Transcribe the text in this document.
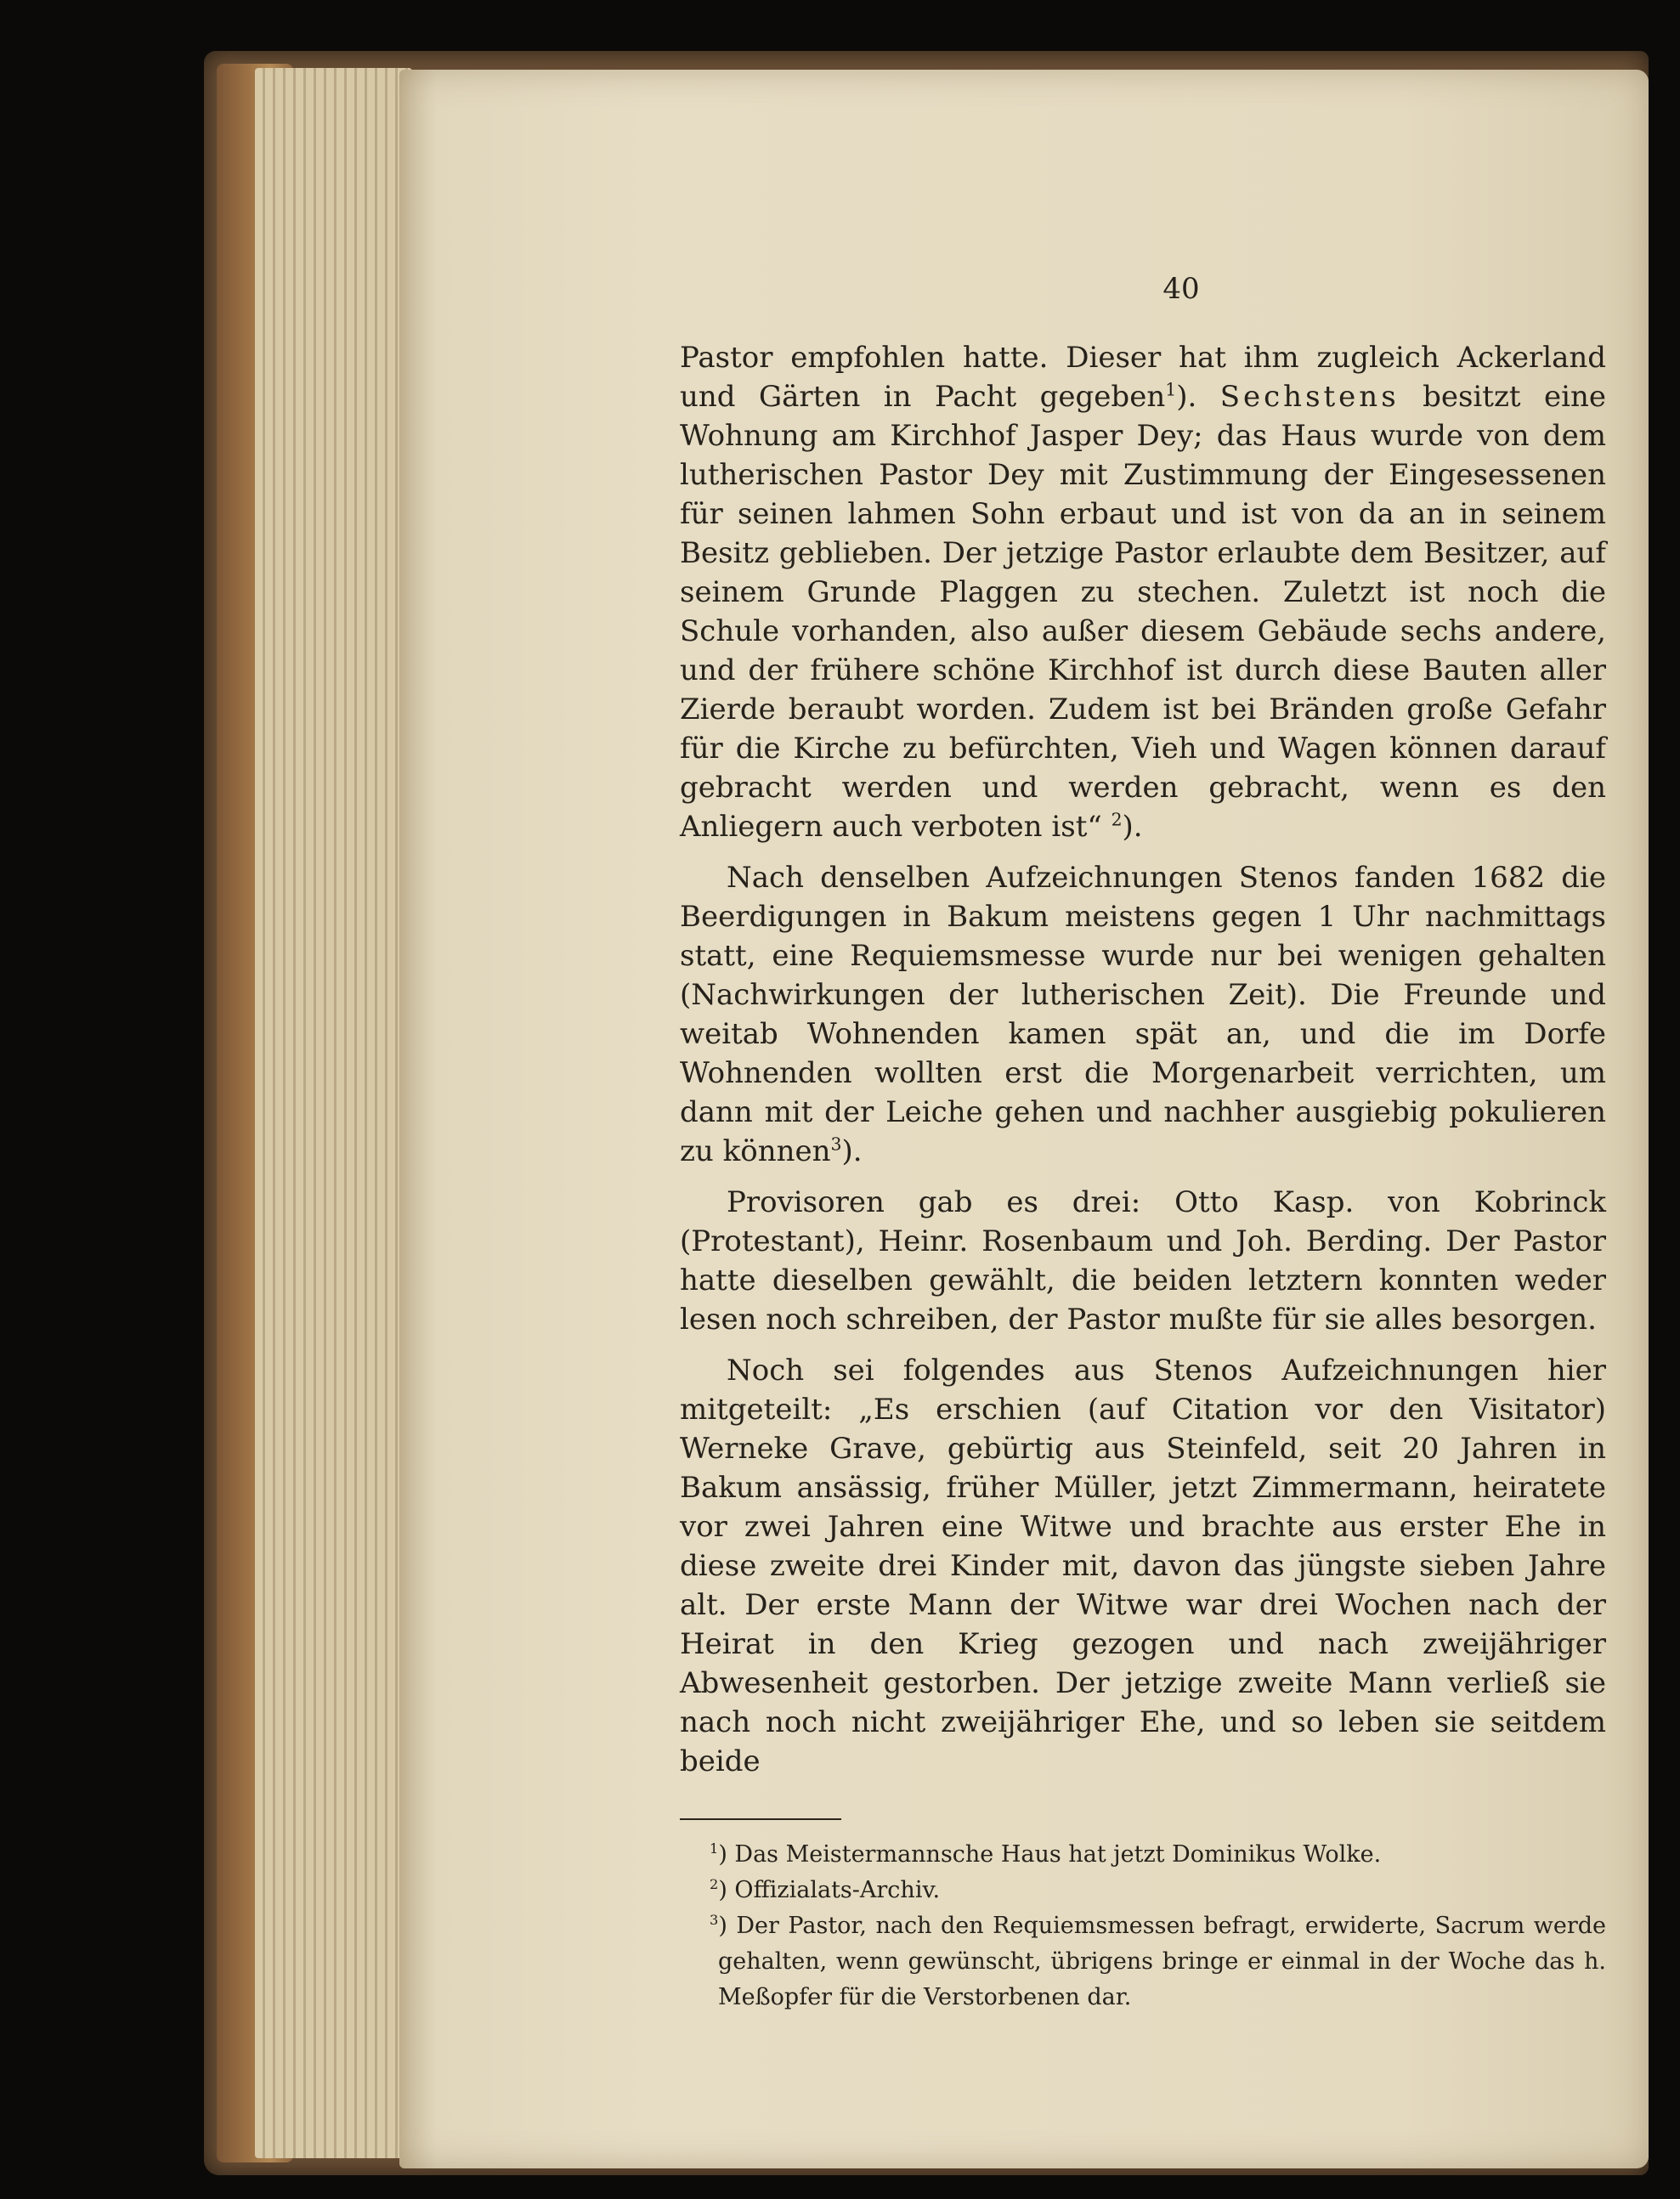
40

Pastor empfohlen hatte. Dieser hat ihm zugleich Ackerland und Gärten in Pacht gegeben$^1$). Sechstens besitzt eine Wohnung am Kirchhof Jasper Dey; das Haus wurde von dem lutherischen Pastor Dey mit Zustimmung der Eingesessenen für seinen lahmen Sohn erbaut und ist von da an in seinem Besitz geblieben. Der jetzige Pastor erlaubte dem Besitzer, auf seinem Grunde Plaggen zu stechen. Zuletzt ist noch die Schule vorhanden, also außer diesem Gebäude sechs andere, und der frühere schöne Kirchhof ist durch diese Bauten aller Zierde beraubt worden. Zudem ist bei Bränden große Gefahr für die Kirche zu befürchten, Vieh und Wagen können darauf gebracht werden und werden gebracht, wenn es den Anliegern auch verboten ist“ $^2$).

Nach denselben Aufzeichnungen Stenos fanden 1682 die Beerdigungen in Bakum meistens gegen 1 Uhr nachmittags statt, eine Requiemsmesse wurde nur bei wenigen gehalten (Nachwirkungen der lutherischen Zeit). Die Freunde und weitab Wohnenden kamen spät an, und die im Dorfe Wohnenden wollten erst die Morgenarbeit verrichten, um dann mit der Leiche gehen und nachher ausgiebig pokulieren zu können$^3$).

Provisoren gab es drei: Otto Kasp. von Kobrinck (Protestant), Heinr. Rosenbaum und Joh. Berding. Der Pastor hatte dieselben gewählt, die beiden letztern konnten weder lesen noch schreiben, der Pastor mußte für sie alles besorgen.

Noch sei folgendes aus Stenos Aufzeichnungen hier mitgeteilt: „Es erschien (auf Citation vor den Visitator) Werneke Grave, gebürtig aus Steinfeld, seit 20 Jahren in Bakum ansässig, früher Müller, jetzt Zimmermann, heiratete vor zwei Jahren eine Witwe und brachte aus erster Ehe in diese zweite drei Kinder mit, davon das jüngste sieben Jahre alt. Der erste Mann der Witwe war drei Wochen nach der Heirat in den Krieg gezogen und nach zweijähriger Abwesenheit gestorben. Der jetzige zweite Mann verließ sie nach noch nicht zweijähriger Ehe, und so leben sie seitdem beide

$^1$) Das Meistermannsche Haus hat jetzt Dominikus Wolke.

$^2$) Offizialats-Archiv.

$^3$) Der Pastor, nach den Requiemsmessen befragt, erwiderte, Sacrum werde gehalten, wenn gewünscht, übrigens bringe er einmal in der Woche das h. Meßopfer für die Verstorbenen dar.
